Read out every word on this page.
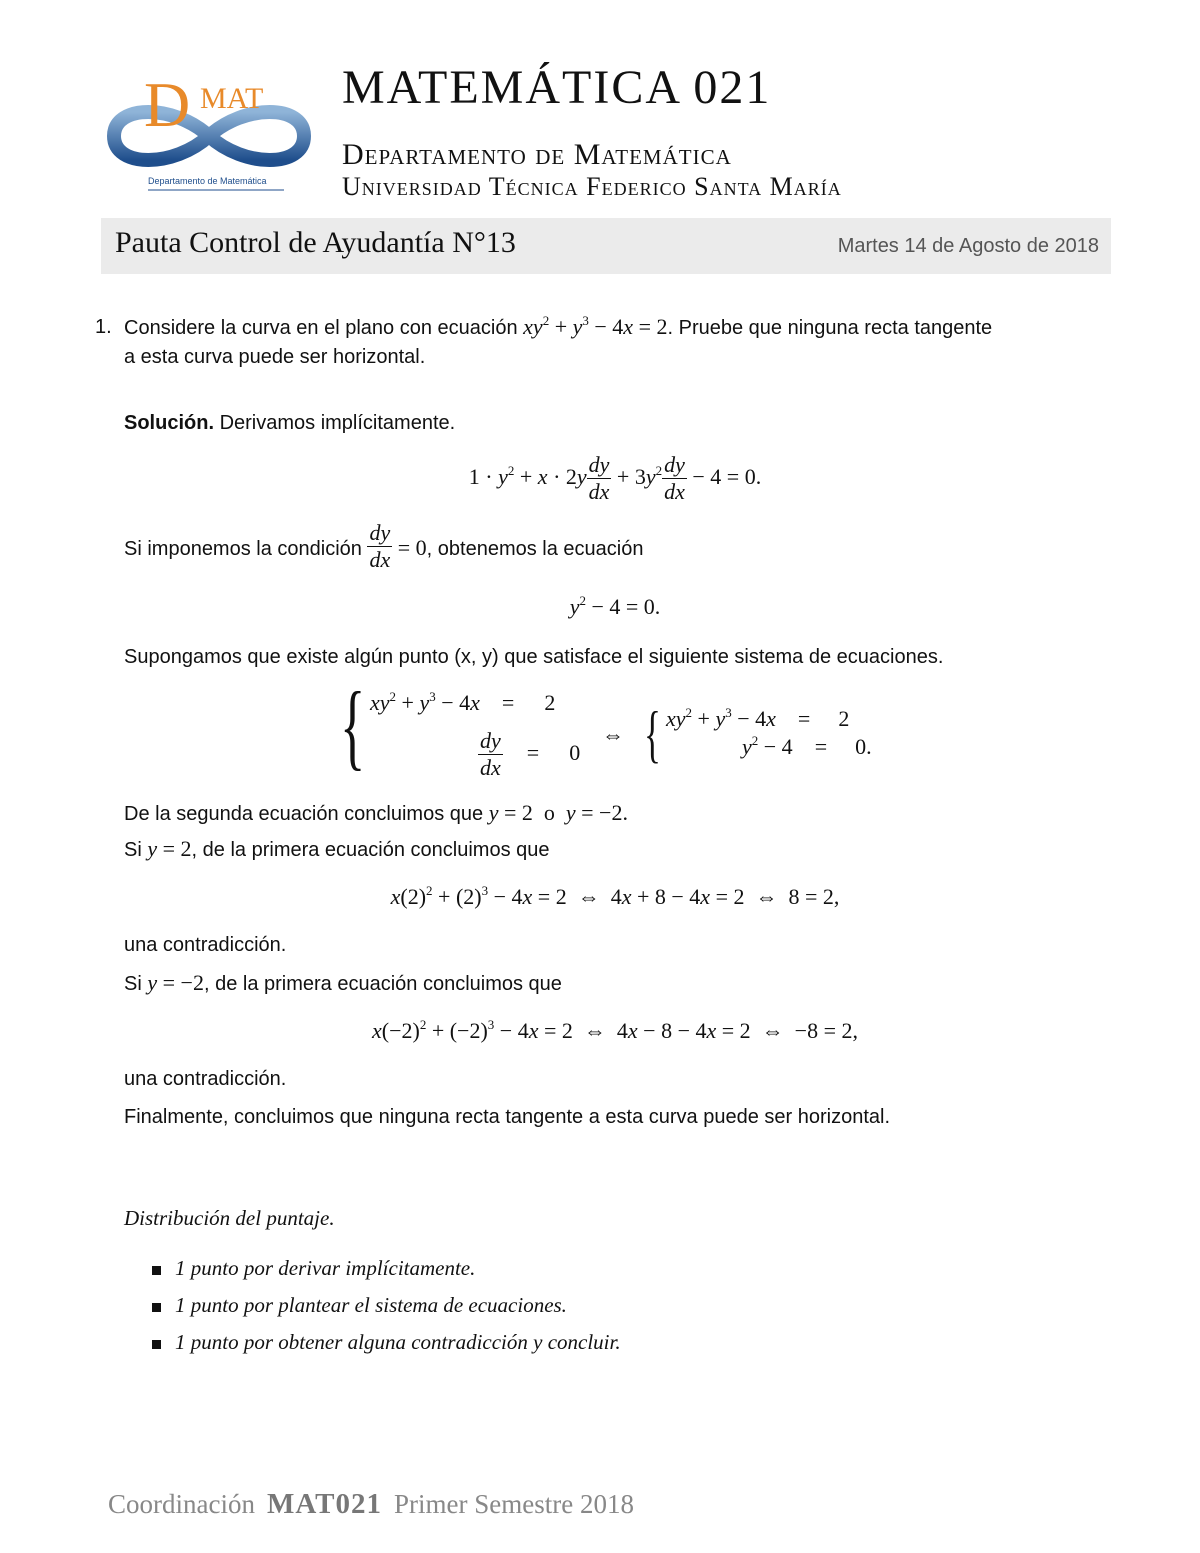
D MAT
Departamento de Matemática
MATEMÁTICA 021
Departamento de Matemática
Universidad Técnica Federico Santa María
Pauta Control de Ayudantía N°13	Martes 14 de Agosto de 2018
1. Considere la curva en el plano con ecuación $xy^2 + y^3 - 4x = 2$. Pruebe que ninguna recta tangente
a esta curva puede ser horizontal.
Solución. Derivamos implícitamente.
$1 \cdot y^2 + x \cdot 2y \frac{dy}{dx} + 3y^2 \frac{dy}{dx} - 4 = 0$.
Si imponemos la condición $\frac{dy}{dx} = 0$, obtenemos la ecuación
$y^2 - 4 = 0$.
Supongamos que existe algún punto (x, y) que satisface el siguiente sistema de ecuaciones.
{ $xy^2 + y^3 - 4x = 2$
$\frac{dy}{dx} = 0$
⇔ { $xy^2 + y^3 - 4x = 2$
$y^2 - 4 = 0$.
De la segunda ecuación concluimos que y = 2  o  y = −2.
Si y = 2, de la primera ecuación concluimos que
$x(2)^2 + (2)^3 - 4x = 2$  ⇔  4x + 8 − 4x = 2  ⇔  8 = 2,
una contradicción.
Si y = −2, de la primera ecuación concluimos que
$x(-2)^2 + (-2)^3 - 4x = 2$  ⇔  4x − 8 − 4x = 2  ⇔  −8 = 2,
una contradicción.
Finalmente, concluimos que ninguna recta tangente a esta curva puede ser horizontal.
Distribución del puntaje.
1 punto por derivar implícitamente.
1 punto por plantear el sistema de ecuaciones.
1 punto por obtener alguna contradicción y concluir.
Coordinación MAT021 Primer Semestre 2018
